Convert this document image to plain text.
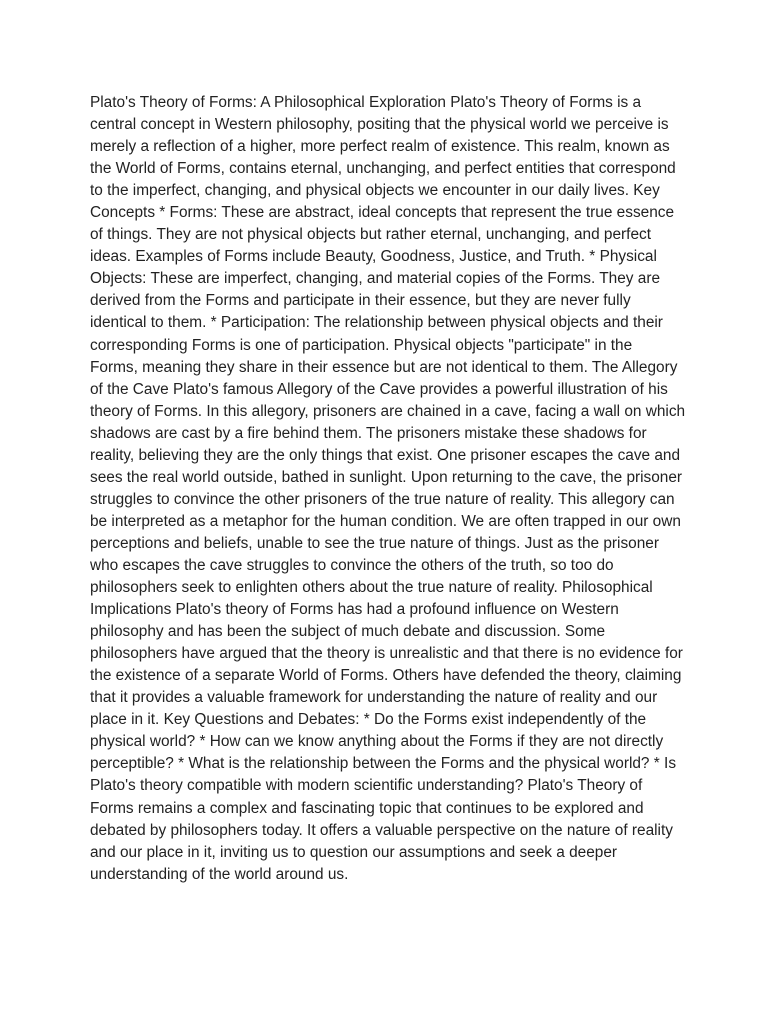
Plato's Theory of Forms: A Philosophical Exploration Plato's Theory of Forms is a
central concept in Western philosophy, positing that the physical world we perceive is
merely a reflection of a higher, more perfect realm of existence. This realm, known as
the World of Forms, contains eternal, unchanging, and perfect entities that correspond
to the imperfect, changing, and physical objects we encounter in our daily lives. Key
Concepts * Forms: These are abstract, ideal concepts that represent the true essence
of things. They are not physical objects but rather eternal, unchanging, and perfect
ideas. Examples of Forms include Beauty, Goodness, Justice, and Truth. * Physical
Objects: These are imperfect, changing, and material copies of the Forms. They are
derived from the Forms and participate in their essence, but they are never fully
identical to them. * Participation: The relationship between physical objects and their
corresponding Forms is one of participation. Physical objects "participate" in the
Forms, meaning they share in their essence but are not identical to them. The Allegory
of the Cave Plato's famous Allegory of the Cave provides a powerful illustration of his
theory of Forms. In this allegory, prisoners are chained in a cave, facing a wall on which
shadows are cast by a fire behind them. The prisoners mistake these shadows for
reality, believing they are the only things that exist. One prisoner escapes the cave and
sees the real world outside, bathed in sunlight. Upon returning to the cave, the prisoner
struggles to convince the other prisoners of the true nature of reality. This allegory can
be interpreted as a metaphor for the human condition. We are often trapped in our own
perceptions and beliefs, unable to see the true nature of things. Just as the prisoner
who escapes the cave struggles to convince the others of the truth, so too do
philosophers seek to enlighten others about the true nature of reality. Philosophical
Implications Plato's theory of Forms has had a profound influence on Western
philosophy and has been the subject of much debate and discussion. Some
philosophers have argued that the theory is unrealistic and that there is no evidence for
the existence of a separate World of Forms. Others have defended the theory, claiming
that it provides a valuable framework for understanding the nature of reality and our
place in it. Key Questions and Debates: * Do the Forms exist independently of the
physical world? * How can we know anything about the Forms if they are not directly
perceptible? * What is the relationship between the Forms and the physical world? * Is
Plato's theory compatible with modern scientific understanding? Plato's Theory of
Forms remains a complex and fascinating topic that continues to be explored and
debated by philosophers today. It offers a valuable perspective on the nature of reality
and our place in it, inviting us to question our assumptions and seek a deeper
understanding of the world around us.
